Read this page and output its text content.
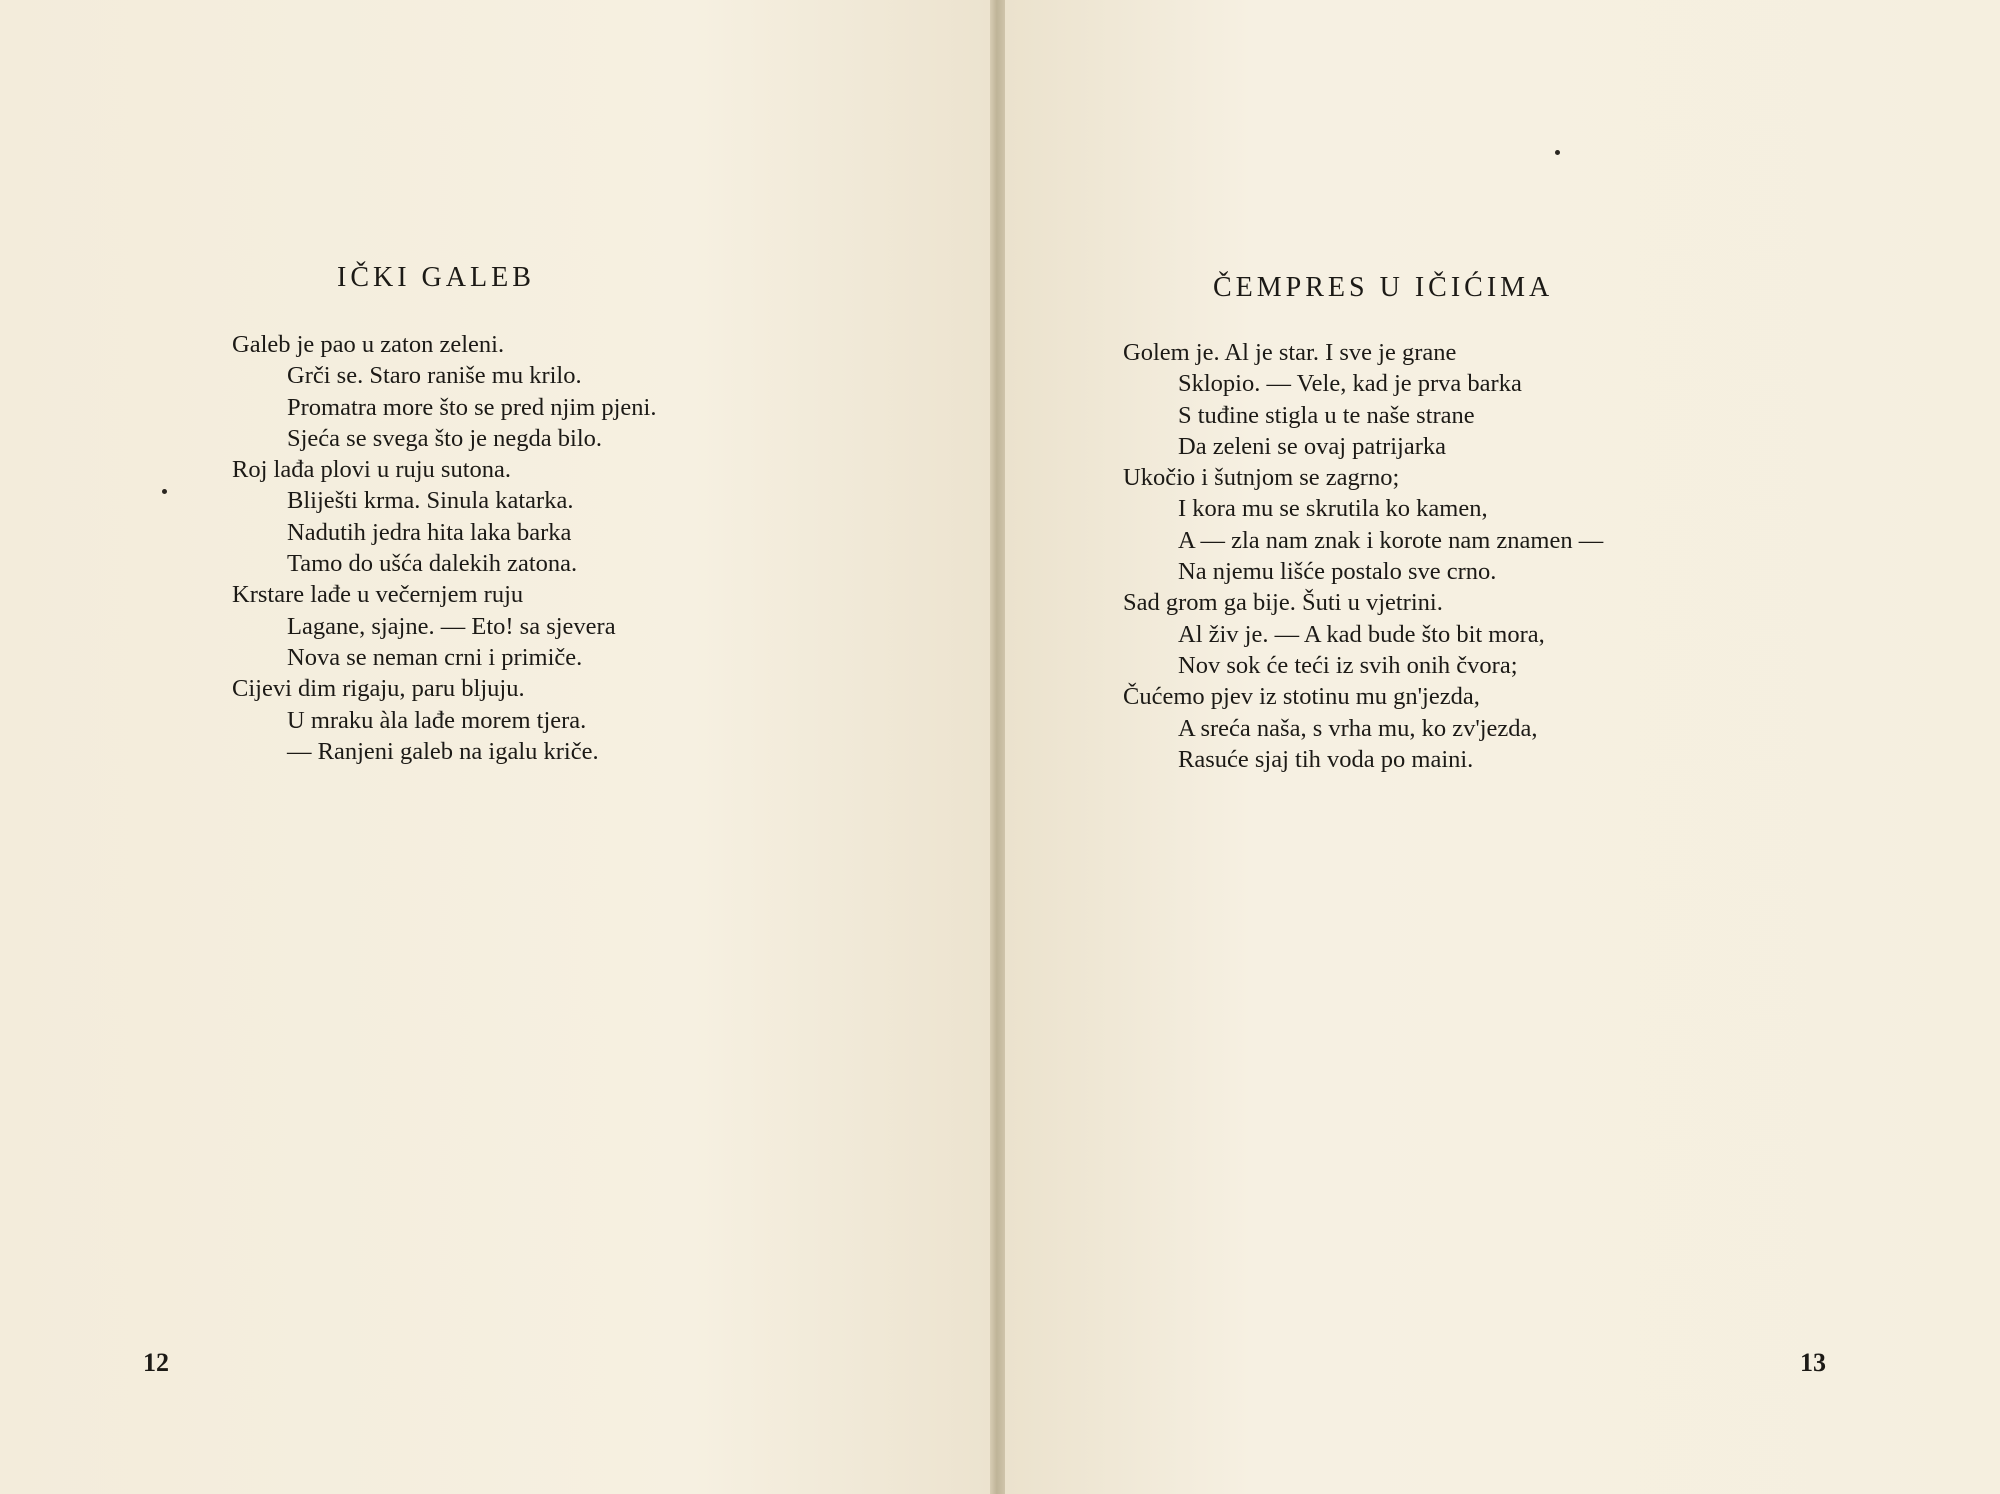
IČKI GALEB
Galeb je pao u zaton zeleni.
Grči se. Staro raniše mu krilo.
Promatra more što se pred njim pjeni.
Sjeća se svega što je negda bilo.
Roj lađa plovi u ruju sutona.
Bliješti krma. Sinula katarka.
Nadutih jedra hita laka barka
Tamo do ušća dalekih zatona.
Krstare lađe u večernjem ruju
Lagane, sjajne. — Eto! sa sjevera
Nova se neman crni i primiče.
Cijevi dim rigaju, paru bljuju.
U mraku àla lađe morem tjera.
— Ranjeni galeb na igalu kriče.
12
ČEMPRES U IČIĆIMA
Golem je. Al je star. I sve je grane
Sklopio. — Vele, kad je prva barka
S tuđine stigla u te naše strane
Da zeleni se ovaj patrijarka
Ukočio i šutnjom se zagrno;
I kora mu se skrutila ko kamen,
A — zla nam znak i korote nam znamen —
Na njemu lišće postalo sve crno.
Sad grom ga bije. Šuti u vjetrini.
Al živ je. — A kad bude što bit mora,
Nov sok će teći iz svih onih čvora;
Čućemo pjev iz stotinu mu gn'jezda,
A sreća naša, s vrha mu, ko zv'jezda,
Rasuće sjaj tih voda po maini.
13
